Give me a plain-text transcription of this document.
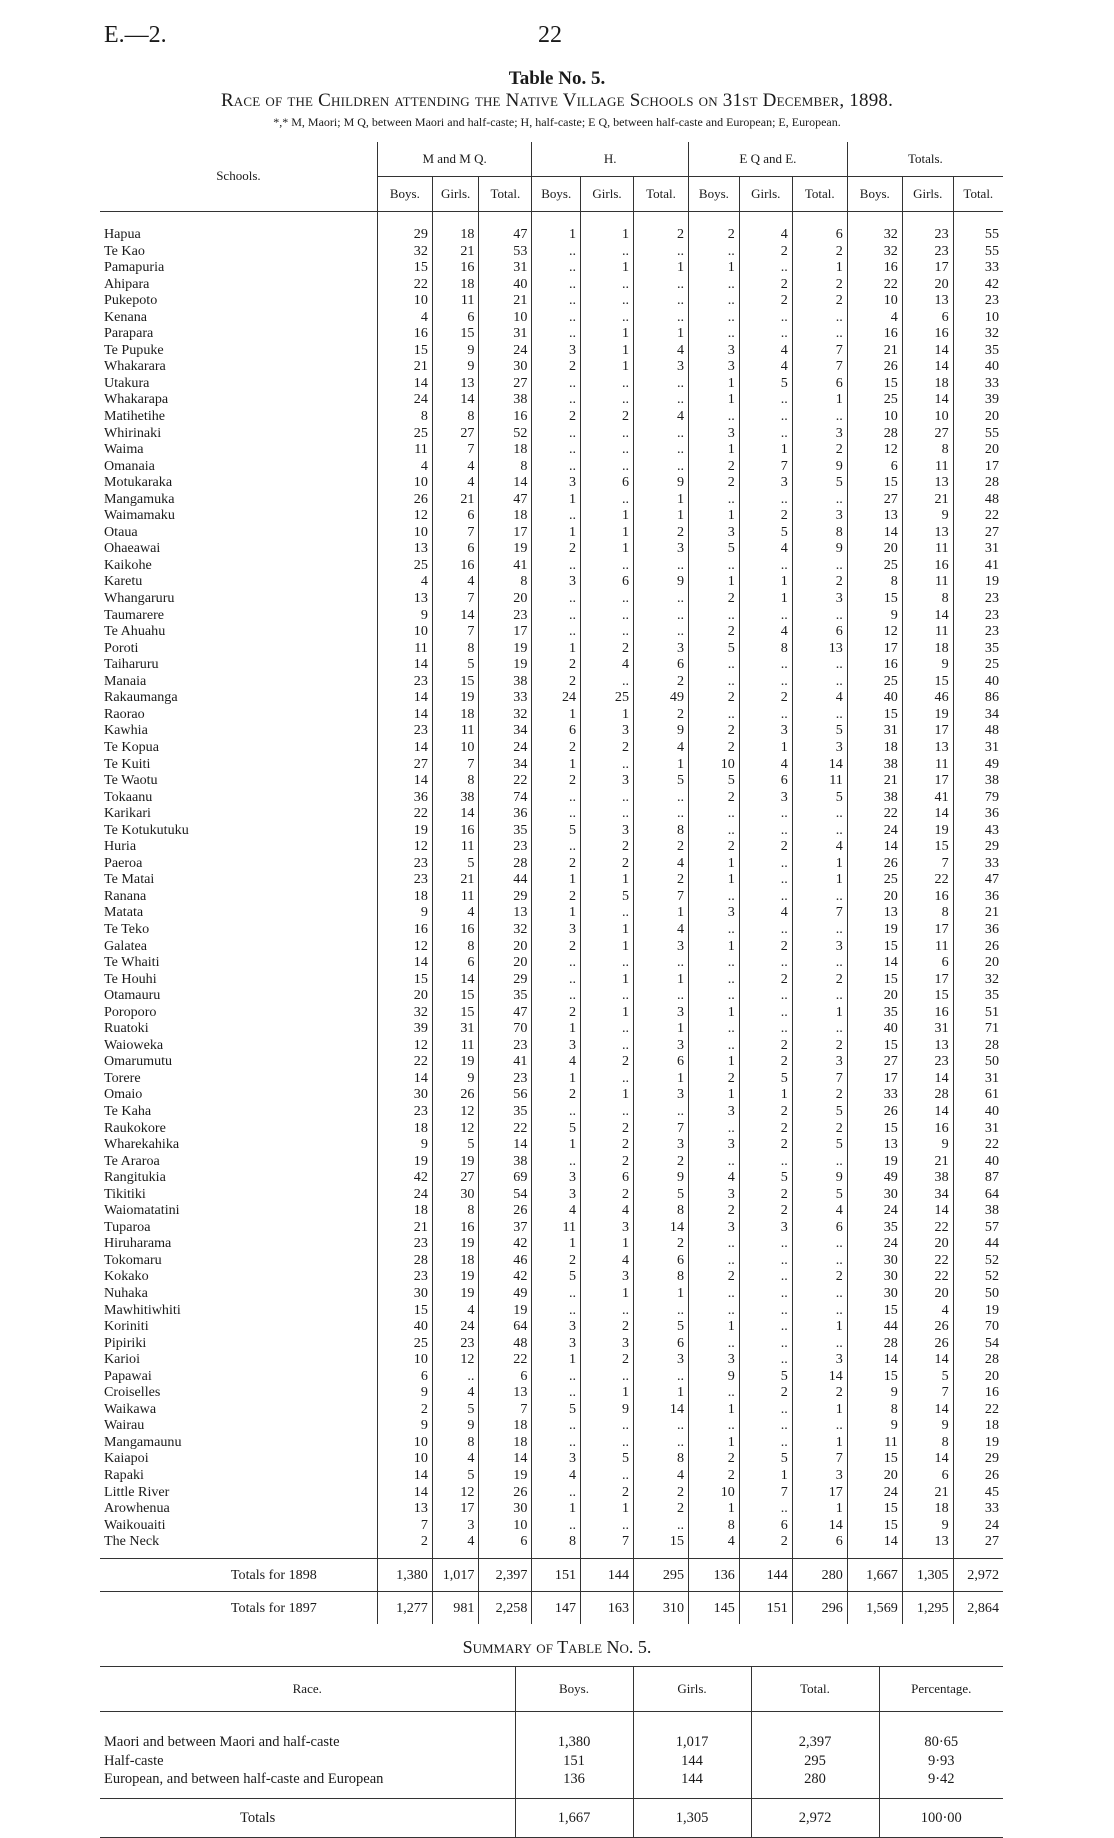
E.—2.	22
Table No. 5.
Race of the Children attending the Native Village Schools on 31st December, 1898.
*,* M, Maori; M Q, between Maori and half-caste; H, half-caste; E Q, between half-caste and European; E, European.
Schools.	M and M Q.			H.			E Q and E.			Totals.		
	Boys.	Girls.	Total.	Boys.	Girls.	Total.	Boys.	Girls.	Total.	Boys.	Girls.	Total.
Hapua	29	18	47	1	1	2	2	4	6	32	23	55
Te Kao	32	21	53	..	..	..	..	2	2	32	23	55
Pamapuria	15	16	31	..	1	1	1	..	1	16	17	33
Ahipara	22	18	40	..	..	..	..	2	2	22	20	42
Pukepoto	10	11	21	..	..	..	..	2	2	10	13	23
Kenana	4	6	10	..	..	..	..	..	..	4	6	10
Parapara	16	15	31	..	1	1	..	..	..	16	16	32
Te Pupuke	15	9	24	3	1	4	3	4	7	21	14	35
Whakarara	21	9	30	2	1	3	3	4	7	26	14	40
Utakura	14	13	27	..	..	..	1	5	6	15	18	33
Whakarapa	24	14	38	..	..	..	1	..	1	25	14	39
Matihetihe	8	8	16	2	2	4	..	..	..	10	10	20
Whirinaki	25	27	52	..	..	..	3	..	3	28	27	55
Waima	11	7	18	..	..	..	1	1	2	12	8	20
Omanaia	4	4	8	..	..	..	2	7	9	6	11	17
Motukaraka	10	4	14	3	6	9	2	3	5	15	13	28
Mangamuka	26	21	47	1	..	1	..	..	..	27	21	48
Waimamaku	12	6	18	..	1	1	1	2	3	13	9	22
Otaua	10	7	17	1	1	2	3	5	8	14	13	27
Ohaeawai	13	6	19	2	1	3	5	4	9	20	11	31
Kaikohe	25	16	41	..	..	..	..	..	..	25	16	41
Karetu	4	4	8	3	6	9	1	1	2	8	11	19
Whangaruru	13	7	20	..	..	..	2	1	3	15	8	23
Taumarere	9	14	23	..	..	..	..	..	..	9	14	23
Te Ahuahu	10	7	17	..	..	..	2	4	6	12	11	23
Poroti	11	8	19	1	2	3	5	8	13	17	18	35
Taiharuru	14	5	19	2	4	6	..	..	..	16	9	25
Manaia	23	15	38	2	..	2	..	..	..	25	15	40
Rakaumanga	14	19	33	24	25	49	2	2	4	40	46	86
Raorao	14	18	32	1	1	2	..	..	..	15	19	34
Kawhia	23	11	34	6	3	9	2	3	5	31	17	48
Te Kopua	14	10	24	2	2	4	2	1	3	18	13	31
Te Kuiti	27	7	34	1	..	1	10	4	14	38	11	49
Te Waotu	14	8	22	2	3	5	5	6	11	21	17	38
Tokaanu	36	38	74	..	..	..	2	3	5	38	41	79
Karikari	22	14	36	..	..	..	..	..	..	22	14	36
Te Kotukutuku	19	16	35	5	3	8	..	..	..	24	19	43
Huria	12	11	23	..	2	2	2	2	4	14	15	29
Paeroa	23	5	28	2	2	4	1	..	1	26	7	33
Te Matai	23	21	44	1	1	2	1	..	1	25	22	47
Ranana	18	11	29	2	5	7	..	..	..	20	16	36
Matata	9	4	13	1	..	1	3	4	7	13	8	21
Te Teko	16	16	32	3	1	4	..	..	..	19	17	36
Galatea	12	8	20	2	1	3	1	2	3	15	11	26
Te Whaiti	14	6	20	..	..	..	..	..	..	14	6	20
Te Houhi	15	14	29	..	1	1	..	2	2	15	17	32
Otamauru	20	15	35	..	..	..	..	..	..	20	15	35
Poroporo	32	15	47	2	1	3	1	..	1	35	16	51
Ruatoki	39	31	70	1	..	1	..	..	..	40	31	71
Waioweka	12	11	23	3	..	3	..	2	2	15	13	28
Omarumutu	22	19	41	4	2	6	1	2	3	27	23	50
Torere	14	9	23	1	..	1	2	5	7	17	14	31
Omaio	30	26	56	2	1	3	1	1	2	33	28	61
Te Kaha	23	12	35	..	..	..	3	2	5	26	14	40
Raukokore	18	12	22	5	2	7	..	2	2	15	16	31
Wharekahika	9	5	14	1	2	3	3	2	5	13	9	22
Te Araroa	19	19	38	..	2	2	..	..	..	19	21	40
Rangitukia	42	27	69	3	6	9	4	5	9	49	38	87
Tikitiki	24	30	54	3	2	5	3	2	5	30	34	64
Waiomatatini	18	8	26	4	4	8	2	2	4	24	14	38
Tuparoa	21	16	37	11	3	14	3	3	6	35	22	57
Hiruharama	23	19	42	1	1	2	..	..	..	24	20	44
Tokomaru	28	18	46	2	4	6	..	..	..	30	22	52
Kokako	23	19	42	5	3	8	2	..	2	30	22	52
Nuhaka	30	19	49	..	1	1	..	..	..	30	20	50
Mawhitiwhiti	15	4	19	..	..	..	..	..	..	15	4	19
Koriniti	40	24	64	3	2	5	1	..	1	44	26	70
Pipiriki	25	23	48	3	3	6	..	..	..	28	26	54
Karioi	10	12	22	1	2	3	3	..	3	14	14	28
Papawai	6	..	6	..	..	..	9	5	14	15	5	20
Croiselles	9	4	13	..	1	1	..	2	2	9	7	16
Waikawa	2	5	7	5	9	14	1	..	1	8	14	22
Wairau	9	9	18	..	..	..	..	..	..	9	9	18
Mangamaunu	10	8	18	..	..	..	1	..	1	11	8	19
Kaiapoi	10	4	14	3	5	8	2	5	7	15	14	29
Rapaki	14	5	19	4	..	4	2	1	3	20	6	26
Little River	14	12	26	..	2	2	10	7	17	24	21	45
Arowhenua	13	17	30	1	1	2	1	..	1	15	18	33
Waikouaiti	7	3	10	..	..	..	8	6	14	15	9	24
The Neck	2	4	6	8	7	15	4	2	6	14	13	27
Totals for 1898	1,380	1,017	2,397	151	144	295	136	144	280	1,667	1,305	2,972
Totals for 1897	1,277	981	2,258	147	163	310	145	151	296	1,569	1,295	2,864
Summary of Table No. 5.
Race.	Boys.	Girls.	Total.	Percentage.
Maori and between Maori and half-caste	1,380	1,017	2,397	80·65
Half-caste	151	144	295	9·93
European, and between half-caste and European	136	144	280	9·42
Totals	1,667	1,305	2,972	100·00
